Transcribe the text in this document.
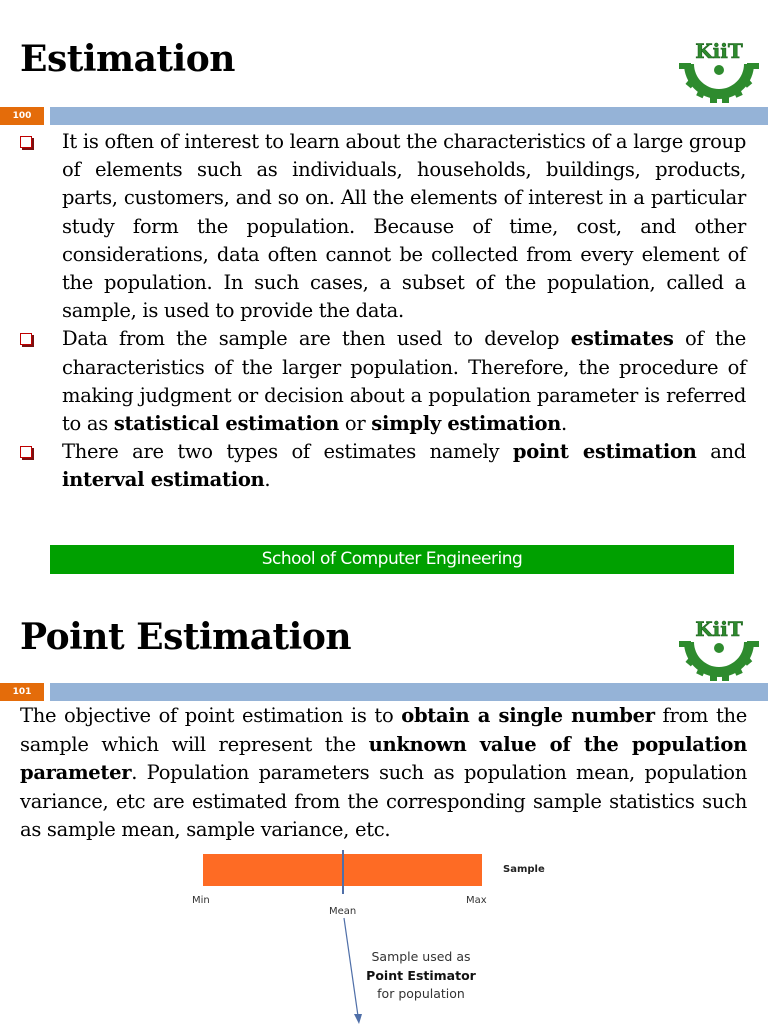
Estimation	KiiT
100
It is often of interest to learn about the characteristics of a large group of elements such as individuals, households, buildings, products, parts, customers, and so on. All the elements of interest in a particular study form the population. Because of time, cost, and other considerations, data often cannot be collected from every element of the population. In such cases, a subset of the population, called a sample, is used to provide the data.
Data from the sample are then used to develop estimates of the characteristics of the larger population. Therefore, the procedure of making judgment or decision about a population parameter is referred to as statistical estimation or simply estimation.
There are two types of estimates namely point estimation and interval estimation.
School of Computer Engineering
Point Estimation	KiiT
101

The objective of point estimation is to obtain a single number from the sample which will represent the unknown value of the population parameter. Population parameters such as population mean, population variance, etc are estimated from the corresponding sample statistics such as sample mean, sample variance, etc.

Sample
Min	Max
Mean
Sample used as
Point Estimator
for population
